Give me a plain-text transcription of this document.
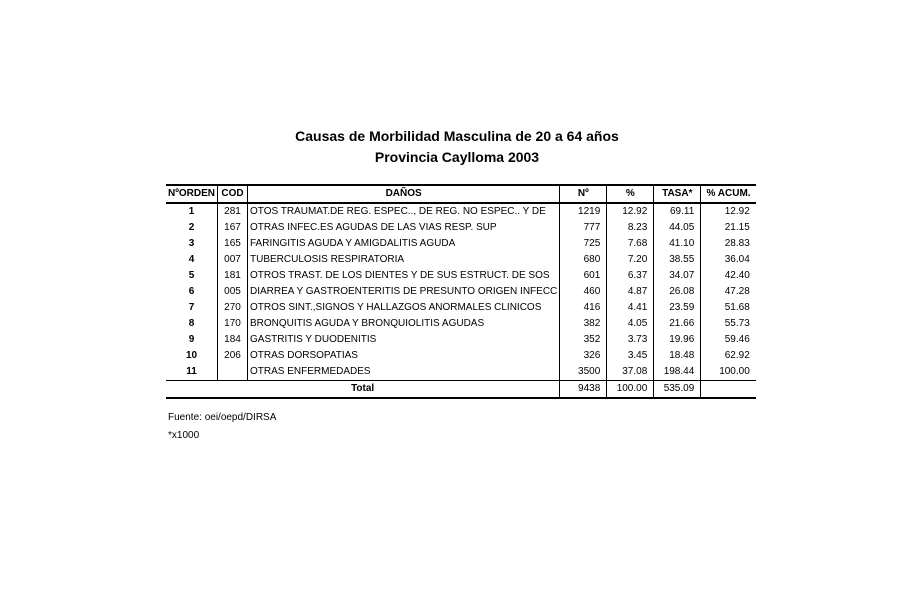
Causas de Morbilidad Masculina de 20 a 64 años
Provincia Caylloma 2003
NºORDEN	COD	DAÑOS	Nº	%	TASA*	% ACUM.
1	281	OTOS TRAUMAT.DE REG. ESPEC.., DE REG. NO ESPEC.. Y DE	1219	12.92	69.11	12.92
2	167	OTRAS INFEC.ES AGUDAS DE LAS VIAS RESP. SUP	777	8.23	44.05	21.15
3	165	FARINGITIS AGUDA Y AMIGDALITIS AGUDA	725	7.68	41.10	28.83
4	007	TUBERCULOSIS RESPIRATORIA	680	7.20	38.55	36.04
5	181	OTROS TRAST. DE LOS DIENTES Y DE SUS ESTRUCT. DE SOS	601	6.37	34.07	42.40
6	005	DIARREA Y GASTROENTERITIS DE PRESUNTO ORIGEN INFECC	460	4.87	26.08	47.28
7	270	OTROS SINT.,SIGNOS Y HALLAZGOS ANORMALES CLINICOS	416	4.41	23.59	51.68
8	170	BRONQUITIS AGUDA Y BRONQUIOLITIS AGUDAS	382	4.05	21.66	55.73
9	184	GASTRITIS Y DUODENITIS	352	3.73	19.96	59.46
10	206	OTRAS DORSOPATIAS	326	3.45	18.48	62.92
11		OTRAS ENFERMEDADES	3500	37.08	198.44	100.00
Total			9438	100.00	535.09	
Fuente: oei/oepd/DIRSA
*x1000
